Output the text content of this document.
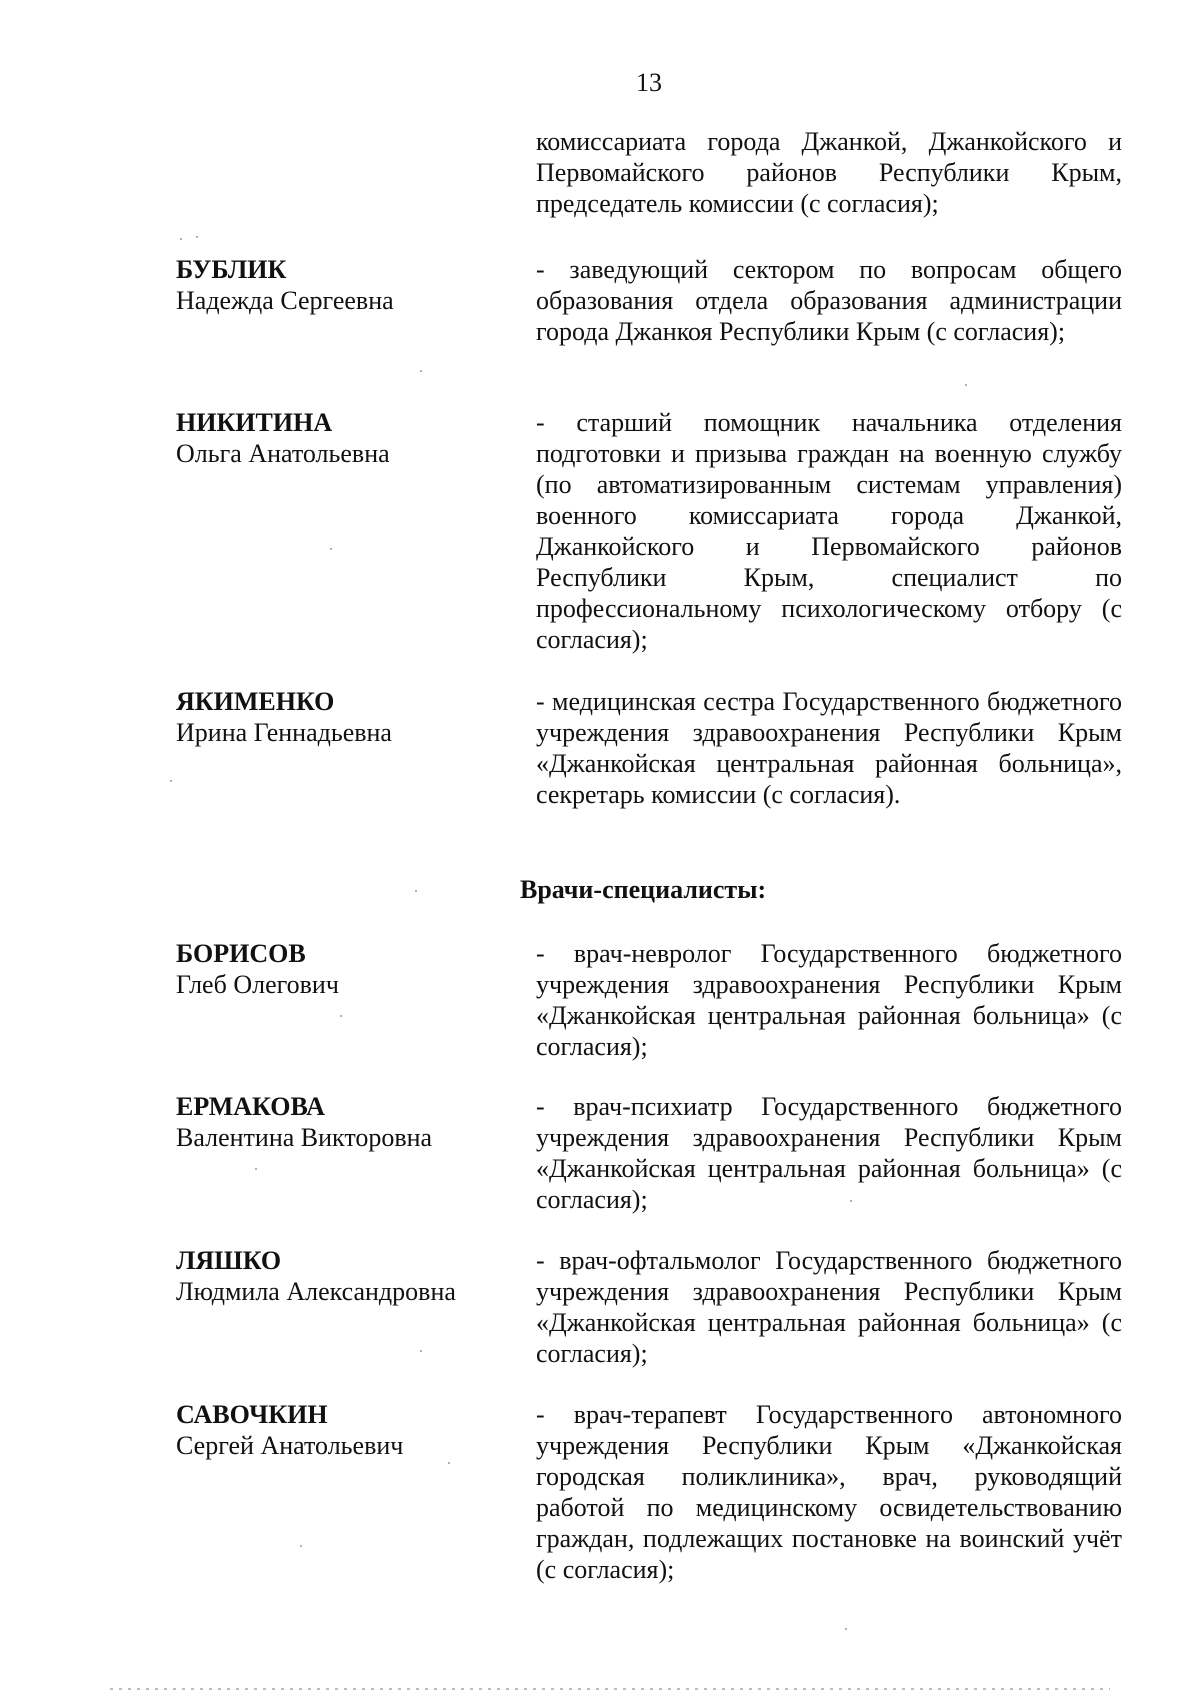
13
комиссариата города Джанкой, Джанкойского и Первомайского районов Республики Крым, председатель комиссии (с согласия);
БУБЛИК
Надежда Сергеевна
- заведующий сектором по вопросам общего образования отдела образования администрации города Джанкоя Республики Крым (с согласия);
НИКИТИНА
Ольга Анатольевна
- старший помощник начальника отделения подготовки и призыва граждан на военную службу (по автоматизированным системам управления) военного комиссариата города Джанкой, Джанкойского и Первомайского районов Республики Крым, специалист по профессиональному психологическому отбору (с согласия);
ЯКИМЕНКО
Ирина Геннадьевна
- медицинская сестра Государственного бюджетного учреждения здравоохранения Республики Крым «Джанкойская центральная районная больница», секретарь комиссии (с согласия).
Врачи-специалисты:
БОРИСОВ
Глеб Олегович
- врач-невролог Государственного бюджетного учреждения здравоохранения Республики Крым «Джанкойская центральная районная больница» (с согласия);
ЕРМАКОВА
Валентина Викторовна
- врач-психиатр Государственного бюджетного учреждения здравоохранения Республики Крым «Джанкойская центральная районная больница» (с согласия);
ЛЯШКО
Людмила Александровна
- врач-офтальмолог Государственного бюджетного учреждения здравоохранения Республики Крым «Джанкойская центральная районная больница» (с согласия);
САВОЧКИН
Сергей Анатольевич
- врач-терапевт Государственного автономного учреждения Республики Крым «Джанкойская городская поликлиника», врач, руководящий работой по медицинскому освидетельствованию граждан, подлежащих постановке на воинский учёт (с согласия);
